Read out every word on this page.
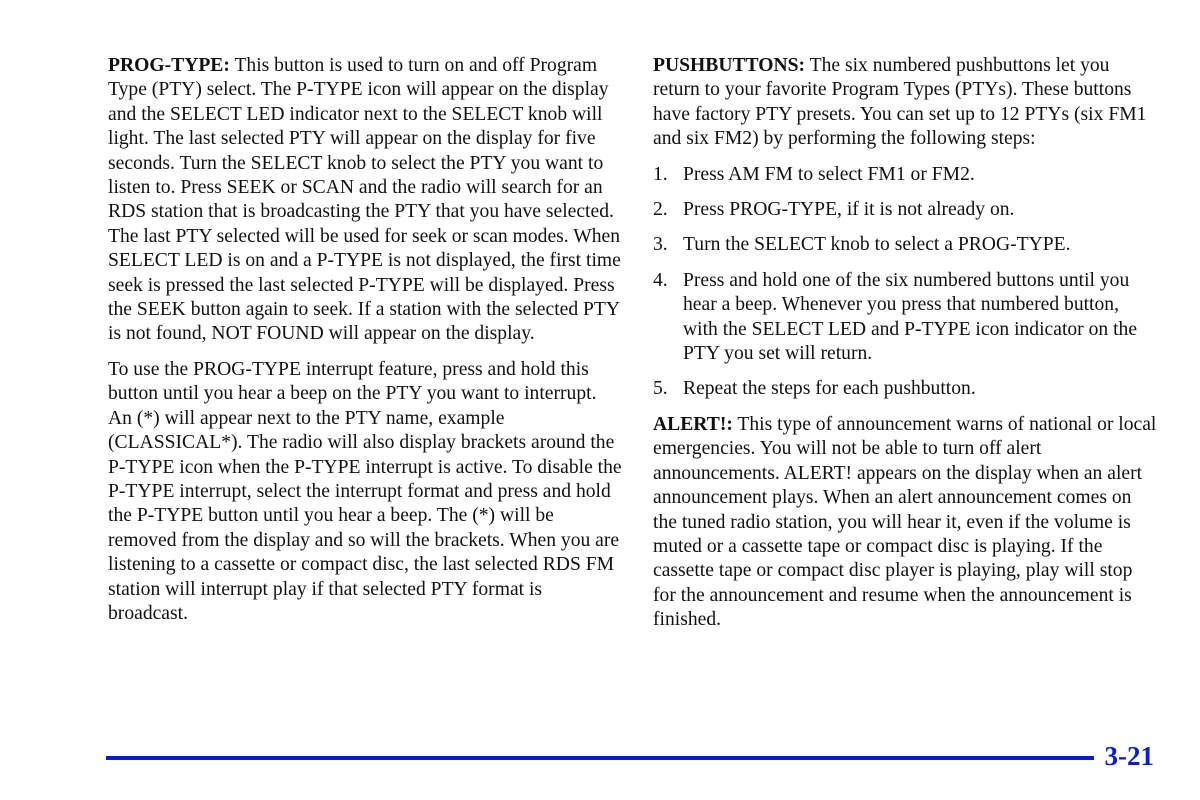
PROG-TYPE: This button is used to turn on and off Program Type (PTY) select. The P-TYPE icon will appear on the display and the SELECT LED indicator next to the SELECT knob will light. The last selected PTY will appear on the display for five seconds. Turn the SELECT knob to select the PTY you want to listen to. Press SEEK or SCAN and the radio will search for an RDS station that is broadcasting the PTY that you have selected. The last PTY selected will be used for seek or scan modes. When SELECT LED is on and a P-TYPE is not displayed, the first time seek is pressed the last selected P-TYPE will be displayed. Press the SEEK button again to seek. If a station with the selected PTY is not found, NOT FOUND will appear on the display.

To use the PROG-TYPE interrupt feature, press and hold this button until you hear a beep on the PTY you want to interrupt. An (*) will appear next to the PTY name, example (CLASSICAL*). The radio will also display brackets around the P-TYPE icon when the P-TYPE interrupt is active. To disable the P-TYPE interrupt, select the interrupt format and press and hold the P-TYPE button until you hear a beep. The (*) will be removed from the display and so will the brackets. When you are listening to a cassette or compact disc, the last selected RDS FM station will interrupt play if that selected PTY format is broadcast.

PUSHBUTTONS: The six numbered pushbuttons let you return to your favorite Program Types (PTYs). These buttons have factory PTY presets. You can set up to 12 PTYs (six FM1 and six FM2) by performing the following steps:

1. Press AM FM to select FM1 or FM2.
2. Press PROG-TYPE, if it is not already on.
3. Turn the SELECT knob to select a PROG-TYPE.
4. Press and hold one of the six numbered buttons until you hear a beep. Whenever you press that numbered button, with the SELECT LED and P-TYPE icon indicator on the PTY you set will return.
5. Repeat the steps for each pushbutton.

ALERT!: This type of announcement warns of national or local emergencies. You will not be able to turn off alert announcements. ALERT! appears on the display when an alert announcement plays. When an alert announcement comes on the tuned radio station, you will hear it, even if the volume is muted or a cassette tape or compact disc is playing. If the cassette tape or compact disc player is playing, play will stop for the announcement and resume when the announcement is finished.

3-21
